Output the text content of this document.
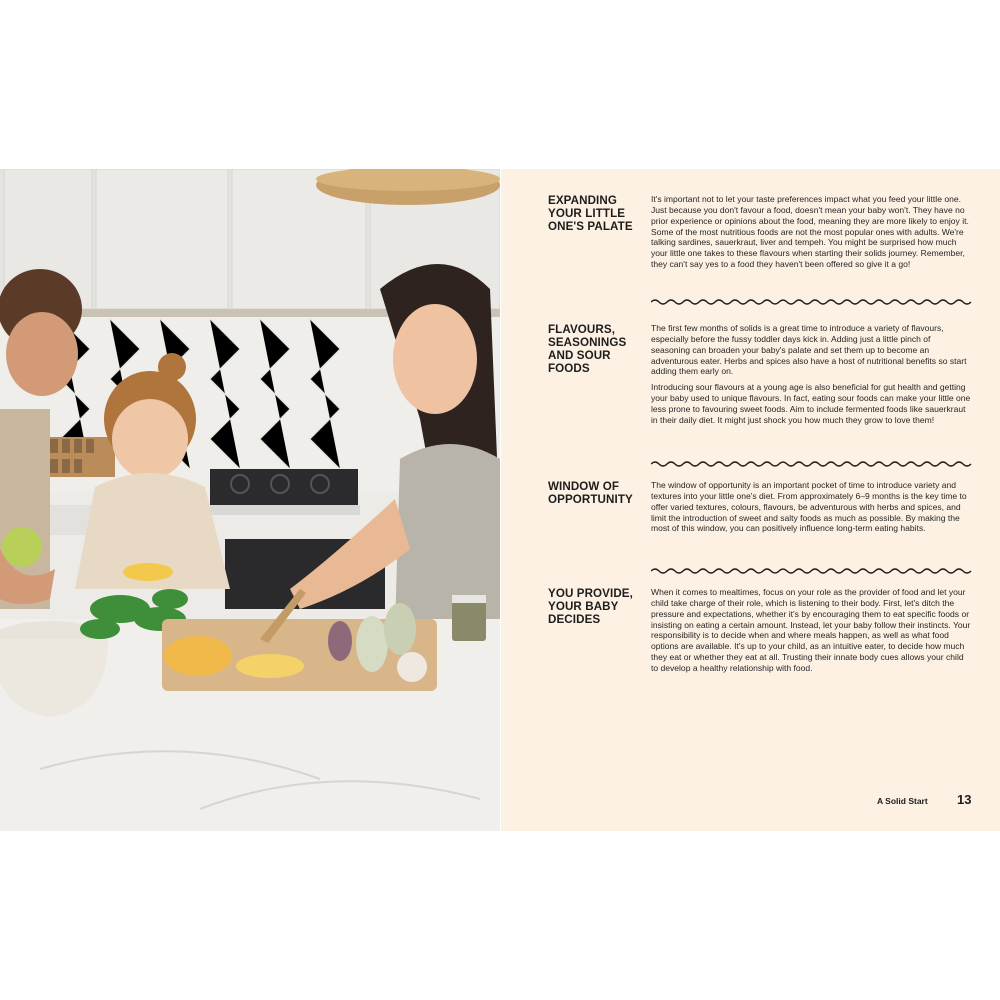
EXPANDING YOUR LITTLE ONE'S PALATE

It's important not to let your taste preferences impact what you feed your little one. Just because you don't favour a food, doesn't mean your baby won't. They have no prior experience or opinions about the food, meaning they are more likely to enjoy it. Some of the most nutritious foods are not the most popular ones with adults. We're talking sardines, sauerkraut, liver and tempeh. You might be surprised how much your little one takes to these flavours when starting their solids journey. Remember, they can't say yes to a food they haven't been offered so give it a go!

FLAVOURS, SEASONINGS AND SOUR FOODS

The first few months of solids is a great time to introduce a variety of flavours, especially before the fussy toddler days kick in. Adding just a little pinch of seasoning can broaden your baby's palate and set them up to become an adventurous eater. Herbs and spices also have a host of nutritional benefits so start adding them early on.

Introducing sour flavours at a young age is also beneficial for gut health and getting your baby used to unique flavours. In fact, eating sour foods can make your little one less prone to favouring sweet foods. Aim to include fermented foods like sauerkraut in their daily diet. It might just shock you how much they grow to love them!

WINDOW OF OPPORTUNITY

The window of opportunity is an important pocket of time to introduce variety and textures into your little one's diet. From approximately 6–9 months is the key time to offer varied textures, colours, flavours, be adventurous with herbs and spices, and limit the introduction of sweet and salty foods as much as possible. By making the most of this window, you can positively influence long-term eating habits.

YOU PROVIDE, YOUR BABY DECIDES

When it comes to mealtimes, focus on your role as the provider of food and let your child take charge of their role, which is listening to their body. First, let's ditch the pressure and expectations, whether it's by encouraging them to eat specific foods or insisting on eating a certain amount. Instead, let your baby follow their instincts. Your responsibility is to decide when and where meals happen, as well as what food options are available. It's up to your child, as an intuitive eater, to decide how much they eat or whether they eat at all. Trusting their innate body cues allows your child to develop a healthy relationship with food.

A Solid Start 13
